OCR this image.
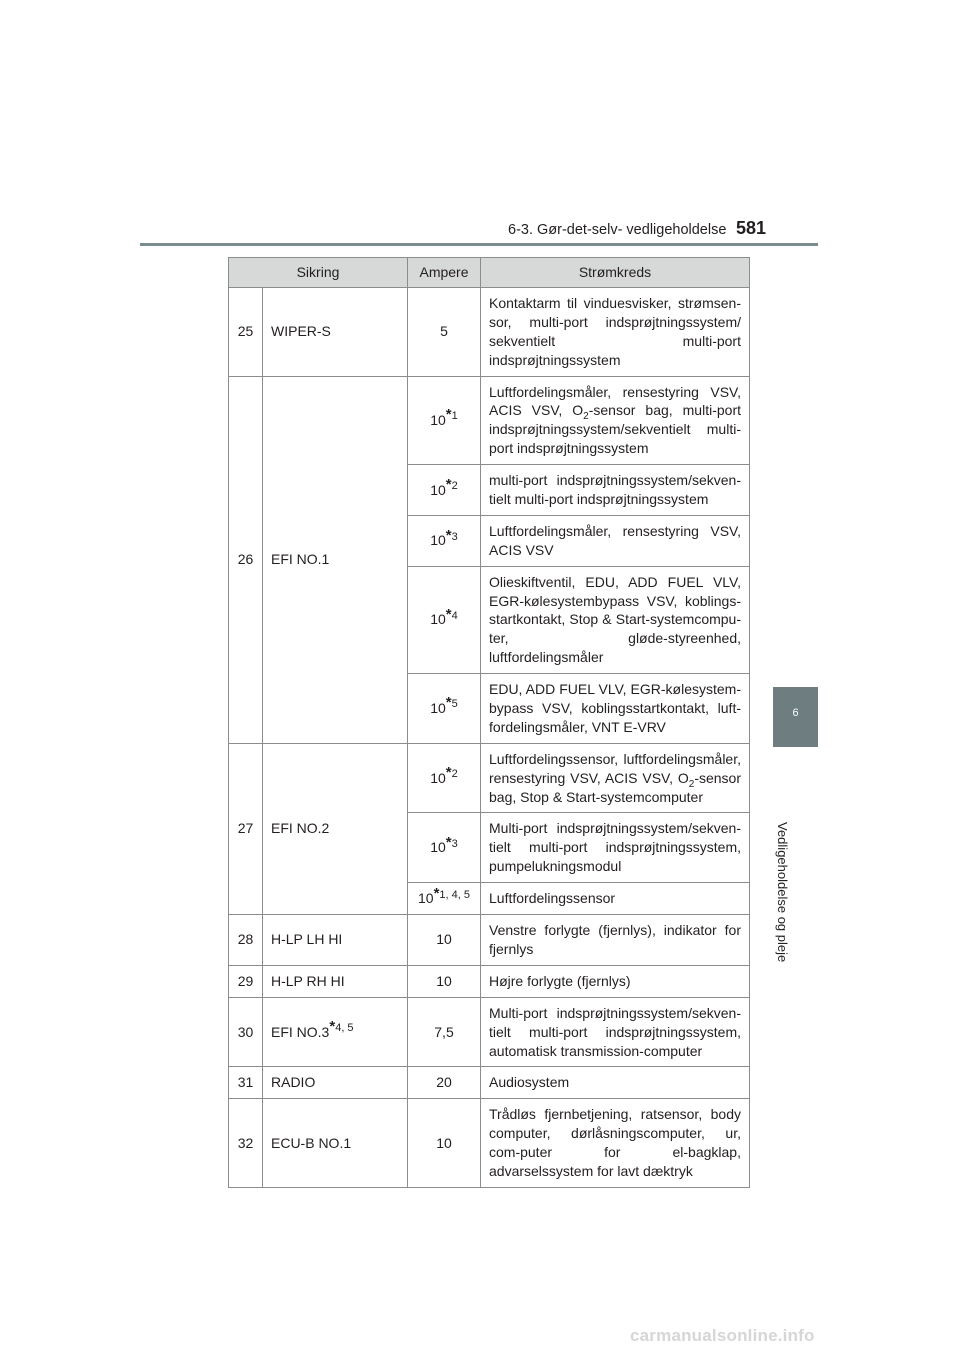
6-3. Gør-det-selv- vedligeholdelse 581
6
Vedligeholdelse og pleje
Sikring		Ampere	Strømkreds
25	WIPER-S	5	Kontaktarm til vinduesvisker, strømsen-sor, multi-port indsprøjtningssystem/ sekventielt multi-port indsprøjtningssystem
26	EFI NO.1	10$^{*1}$	Luftfordelingsmåler, rensestyring VSV, ACIS VSV, $O_2$-sensor bag, multi-port indsprøjtningssystem/sekventielt multi-port indsprøjtningssystem
		10$^{*2}$	multi-port indsprøjtningssystem/sekven-tielt multi-port indsprøjtningssystem
		10$^{*3}$	Luftfordelingsmåler, rensestyring VSV, ACIS VSV
		10$^{*4}$	Olieskiftventil, EDU, ADD FUEL VLV, EGR-kølesystembypass VSV, koblings-startkontakt, Stop & Start-systemcompu-ter, gløde-styreenhed, luftfordelingsmåler
		10$^{*5}$	EDU, ADD FUEL VLV, EGR-kølesystem-bypass VSV, koblingsstartkontakt, luft-fordelingsmåler, VNT E-VRV
27	EFI NO.2	10$^{*2}$	Luftfordelingssensor, luftfordelingsmåler, rensestyring VSV, ACIS VSV, $O_2$-sensor bag, Stop & Start-systemcomputer
		10$^{*3}$	Multi-port indsprøjtningssystem/sekven-tielt multi-port indsprøjtningssystem, pumpelukningsmodul
		10$^{*1, 4, 5}$	Luftfordelingssensor
28	H-LP LH HI	10	Venstre forlygte (fjernlys), indikator for fjernlys
29	H-LP RH HI	10	Højre forlygte (fjernlys)
30	EFI NO.3$^{*4, 5}$	7,5	Multi-port indsprøjtningssystem/sekven-tielt multi-port indsprøjtningssystem, automatisk transmission-computer
31	RADIO	20	Audiosystem
32	ECU-B NO.1	10	Trådløs fjernbetjening, ratsensor, body computer, dørlåsningscomputer, ur, com-puter for el-bagklap, advarselssystem for lavt dæktryk
carmanualsonline.info
